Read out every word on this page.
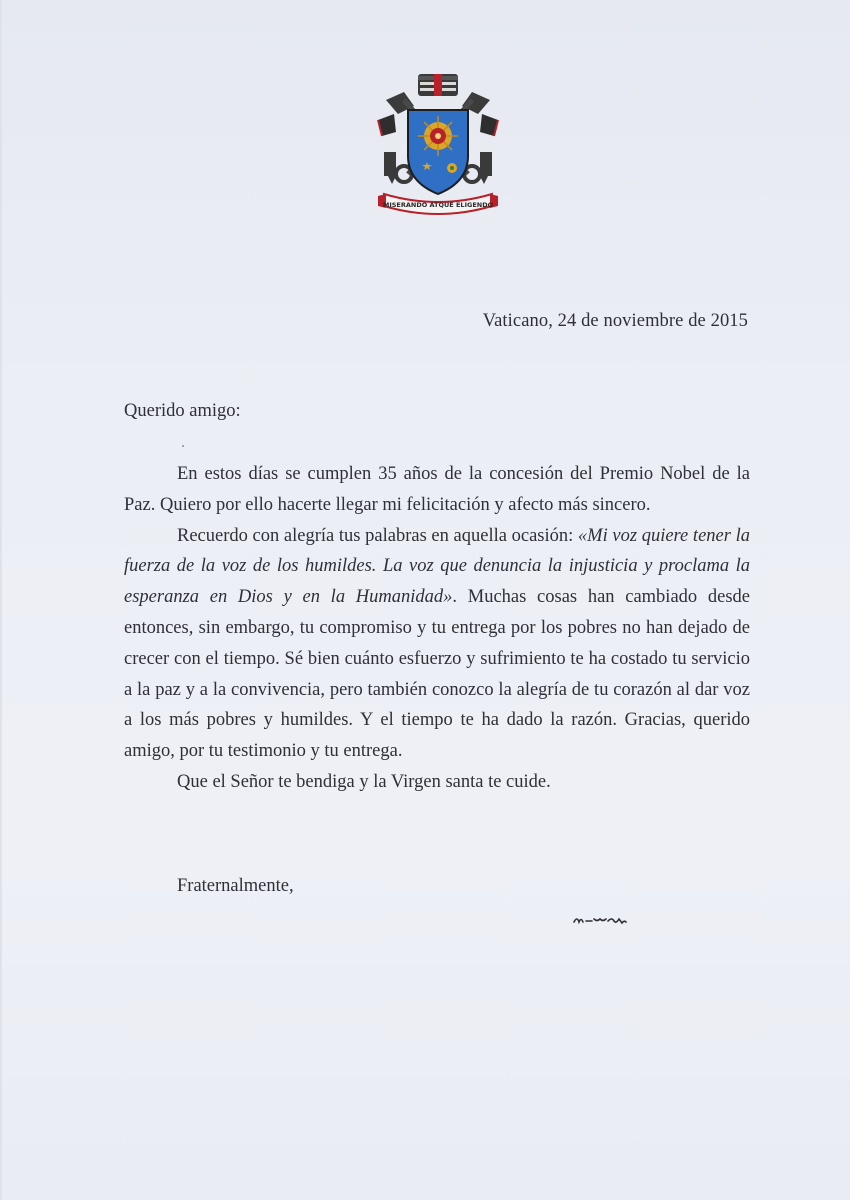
MISERANDO ATQUE ELIGENDO
Vaticano, 24 de noviembre de 2015
Querido amigo:

En estos días se cumplen 35 años de la concesión del Premio Nobel de la Paz. Quiero por ello hacerte llegar mi felicitación y afecto más sincero.

Recuerdo con alegría tus palabras en aquella ocasión: «Mi voz quiere tener la fuerza de la voz de los humildes. La voz que denuncia la injusticia y proclama la esperanza en Dios y en la Humanidad». Muchas cosas han cambiado desde entonces, sin embargo, tu compromiso y tu entrega por los pobres no han dejado de crecer con el tiempo. Sé bien cuánto esfuerzo y sufrimiento te ha costado tu servicio a la paz y a la convivencia, pero también conozco la alegría de tu corazón al dar voz a los más pobres y humildes. Y el tiempo te ha dado la razón. Gracias, querido amigo, por tu testimonio y tu entrega.

Que el Señor te bendiga y la Virgen santa te cuide.

Fraternalmente,
